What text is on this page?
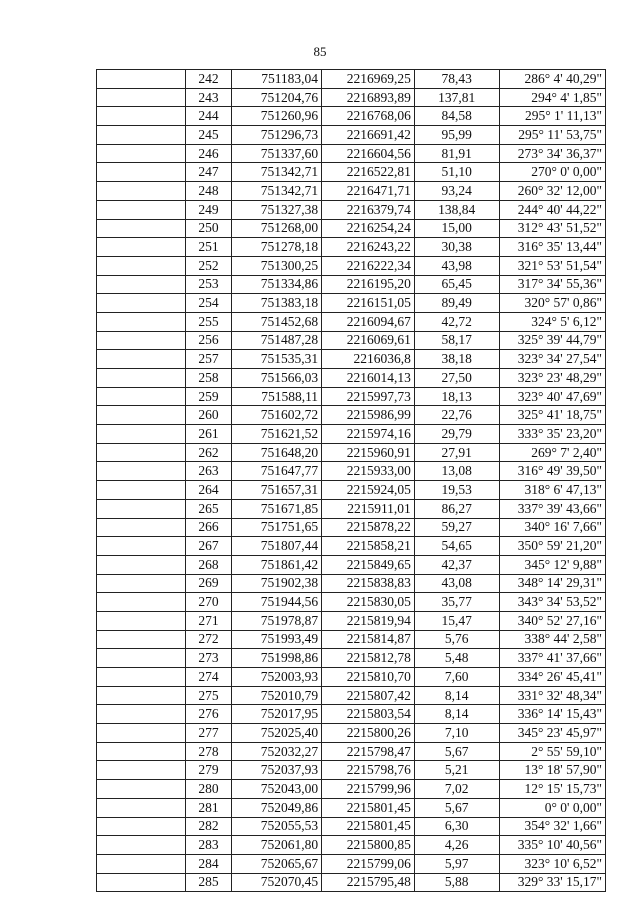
85
	242	751183,04	2216969,25	78,43	286° 4' 40,29"
	243	751204,76	2216893,89	137,81	294° 4' 1,85"
	244	751260,96	2216768,06	84,58	295° 1' 11,13"
	245	751296,73	2216691,42	95,99	295° 11' 53,75"
	246	751337,60	2216604,56	81,91	273° 34' 36,37"
	247	751342,71	2216522,81	51,10	270° 0' 0,00"
	248	751342,71	2216471,71	93,24	260° 32' 12,00"
	249	751327,38	2216379,74	138,84	244° 40' 44,22"
	250	751268,00	2216254,24	15,00	312° 43' 51,52"
	251	751278,18	2216243,22	30,38	316° 35' 13,44"
	252	751300,25	2216222,34	43,98	321° 53' 51,54"
	253	751334,86	2216195,20	65,45	317° 34' 55,36"
	254	751383,18	2216151,05	89,49	320° 57' 0,86"
	255	751452,68	2216094,67	42,72	324° 5' 6,12"
	256	751487,28	2216069,61	58,17	325° 39' 44,79"
	257	751535,31	2216036,8	38,18	323° 34' 27,54"
	258	751566,03	2216014,13	27,50	323° 23' 48,29"
	259	751588,11	2215997,73	18,13	323° 40' 47,69"
	260	751602,72	2215986,99	22,76	325° 41' 18,75"
	261	751621,52	2215974,16	29,79	333° 35' 23,20"
	262	751648,20	2215960,91	27,91	269° 7' 2,40"
	263	751647,77	2215933,00	13,08	316° 49' 39,50"
	264	751657,31	2215924,05	19,53	318° 6' 47,13"
	265	751671,85	2215911,01	86,27	337° 39' 43,66"
	266	751751,65	2215878,22	59,27	340° 16' 7,66"
	267	751807,44	2215858,21	54,65	350° 59' 21,20"
	268	751861,42	2215849,65	42,37	345° 12' 9,88"
	269	751902,38	2215838,83	43,08	348° 14' 29,31"
	270	751944,56	2215830,05	35,77	343° 34' 53,52"
	271	751978,87	2215819,94	15,47	340° 52' 27,16"
	272	751993,49	2215814,87	5,76	338° 44' 2,58"
	273	751998,86	2215812,78	5,48	337° 41' 37,66"
	274	752003,93	2215810,70	7,60	334° 26' 45,41"
	275	752010,79	2215807,42	8,14	331° 32' 48,34"
	276	752017,95	2215803,54	8,14	336° 14' 15,43"
	277	752025,40	2215800,26	7,10	345° 23' 45,97"
	278	752032,27	2215798,47	5,67	2° 55' 59,10"
	279	752037,93	2215798,76	5,21	13° 18' 57,90"
	280	752043,00	2215799,96	7,02	12° 15' 15,73"
	281	752049,86	2215801,45	5,67	0° 0' 0,00"
	282	752055,53	2215801,45	6,30	354° 32' 1,66"
	283	752061,80	2215800,85	4,26	335° 10' 40,56"
	284	752065,67	2215799,06	5,97	323° 10' 6,52"
	285	752070,45	2215795,48	5,88	329° 33' 15,17"
